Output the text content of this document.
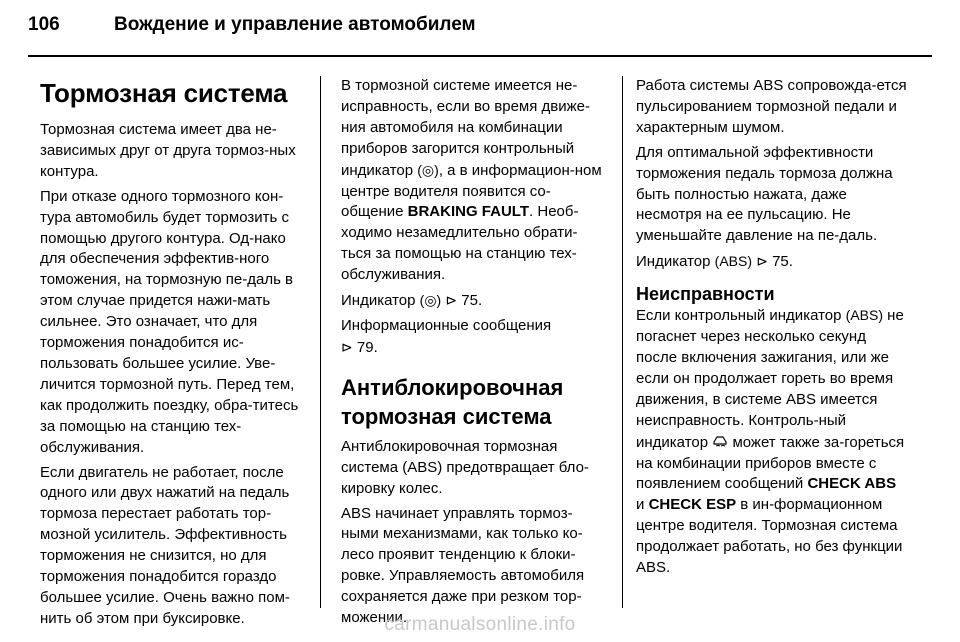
106	Вождение и управление автомобилем
Тормозная система

Тормозная система имеет два не-зависимых друг от друга тормоз-ных контура.

При отказе одного тормозного кон-тура автомобиль будет тормозить с помощью другого контура. Од-нако для обеспечения эффектив-ного томожения, на тормозную пе-даль в этом случае придется нажи-мать сильнее. Это означает, что для торможения понадобится ис-пользовать большее усилие. Уве-личится тормозной путь. Перед тем, как продолжить поездку, обра-титесь за помощью на станцию тех-обслуживания.

Если двигатель не работает, после одного или двух нажатий на педаль тормоза перестает работать тор-мозной усилитель. Эффективность торможения не снизится, но для торможения понадобится гораздо большее усилие. Очень важно пом-нить об этом при буксировке.

В тормозной системе имеется не-исправность, если во время движе-ния автомобиля на комбинации приборов загорится контрольный индикатор (◎), а в информацион-ном центре водителя появится со-общение BRAKING FAULT. Необ-ходимо незамедлительно обрати-ться за помощью на станцию тех-обслуживания.

Индикатор (◎) ⊳ 75.

Информационные сообщения
⊳ 79.

Антиблокировочная тормозная система

Антиблокировочная тормозная система (ABS) предотвращает бло-кировку колес.

ABS начинает управлять тормоз-ными механизмами, как только ко-лесо проявит тенденцию к блоки-ровке. Управляемость автомобиля сохраняется даже при резком тор-можении.

Работа системы ABS сопровожда-ется пульсированием тормозной педали и характерным шумом.

Для оптимальной эффективности торможения педаль тормоза должна быть полностью нажата, даже несмотря на ее пульсацию. Не уменьшайте давление на пе-даль.

Индикатор (ABS) ⊳ 75.

Неисправности

Если контрольный индикатор (ABS) не погаснет через несколько секунд после включения зажигания, или же если он продолжает гореть во время движения, в системе ABS имеется неисправность. Контроль-ный индикатор может также за-гореться на комбинации приборов вместе с появлением сообщений CHECK ABS и CHECK ESP в ин-формационном центре водителя. Тормозная система продолжает работать, но без функции ABS.

carmanualsonline.info
